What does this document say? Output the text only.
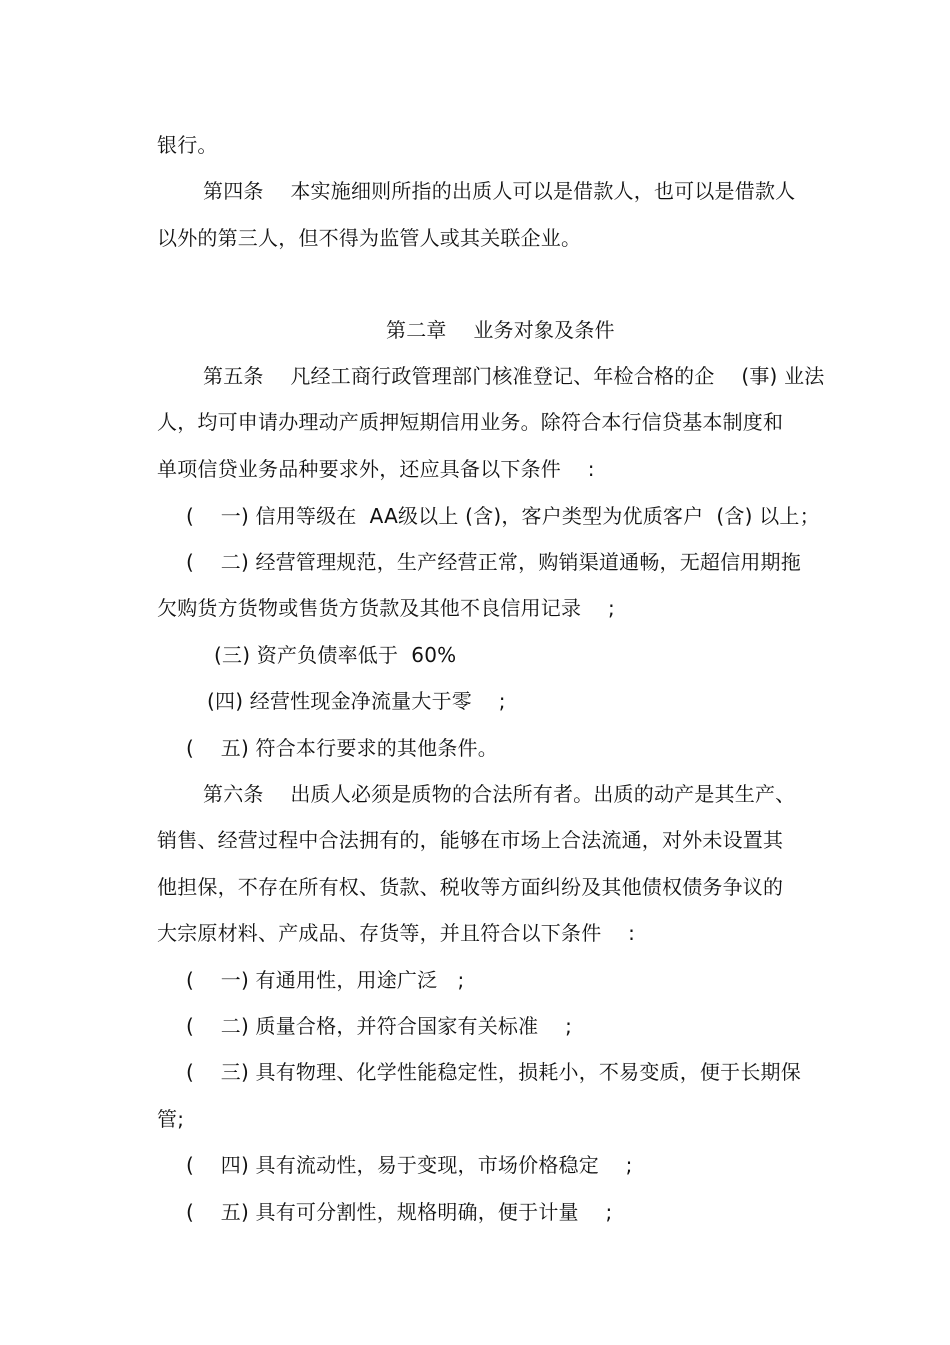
银行。
第四条　 本实施细则所指的出质人可以是借款人，也可以是借款人
以外的第三人，但不得为监管人或其关联企业。
第二章　 业务对象及条件
第五条　 凡经工商行政管理部门核准登记、年检合格的企　 (事) 业法
人，均可申请办理动产质押短期信用业务。除符合本行信贷基本制度和
单项信贷业务品种要求外，还应具备以下条件　 :
(　 一) 信用等级在  AA级以上 (含)，客户类型为优质客户  (含) 以上；
(　 二) 经营管理规范，生产经营正常，购销渠道通畅，无超信用期拖
欠购货方货物或售货方货款及其他不良信用记录　 ;
(三) 资产负债率低于  60%
(四) 经营性现金净流量大于零　 ;
(　 五) 符合本行要求的其他条件。
第六条　 出质人必须是质物的合法所有者。出质的动产是其生产、
销售、经营过程中合法拥有的，能够在市场上合法流通，对外未设置其
他担保，不存在所有权、货款、税收等方面纠纷及其他债权债务争议的
大宗原材料、产成品、存货等，并且符合以下条件　 :
(　 一) 有通用性，用途广泛　;
(　 二) 质量合格，并符合国家有关标准　 ;
(　 三) 具有物理、化学性能稳定性，损耗小，不易变质，便于长期保
管;
(　 四) 具有流动性，易于变现，市场价格稳定　 ;
(　 五) 具有可分割性，规格明确，便于计量　 ;
